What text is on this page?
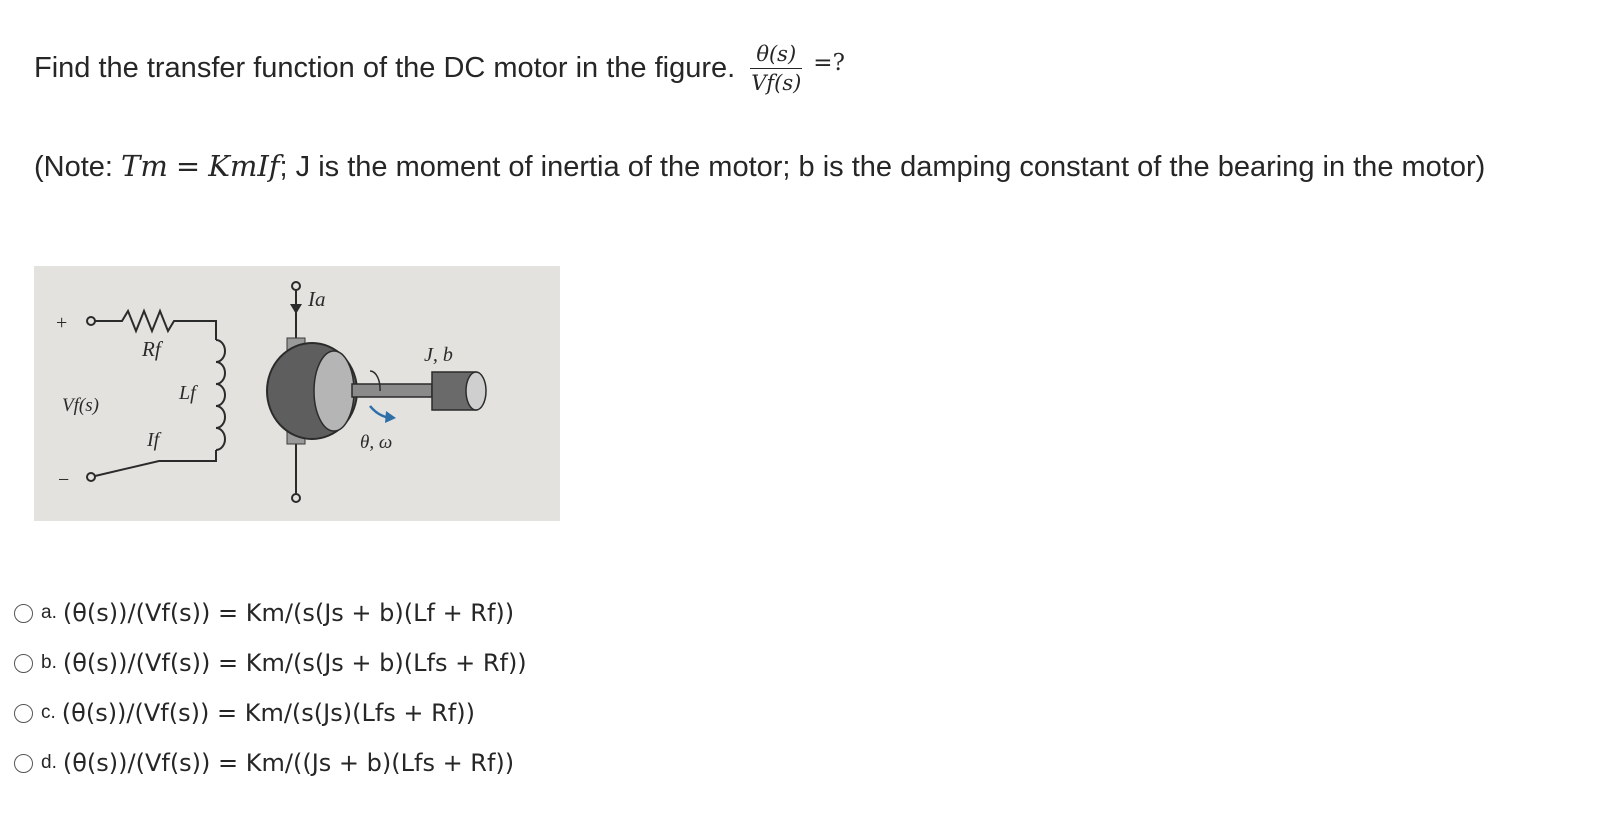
Find the transfer function of the DC motor in the figure. $\frac{\theta(s)}{Vf(s)}$ =?
(Note: Tm = KmIf; J is the moment of inertia of the motor; b is the damping constant of the bearing in the motor)
+
−
Rf
Lf
Vf(s)
If
Ia
J, b
θ, ω
a. (θ(s))/(Vf(s)) = Km/(s(Js + b)(Lf + Rf))
b. (θ(s))/(Vf(s)) = Km/(s(Js + b)(Lfs + Rf))
c. (θ(s))/(Vf(s)) = Km/(s(Js)(Lfs + Rf))
d. (θ(s))/(Vf(s)) = Km/((Js + b)(Lfs + Rf))
